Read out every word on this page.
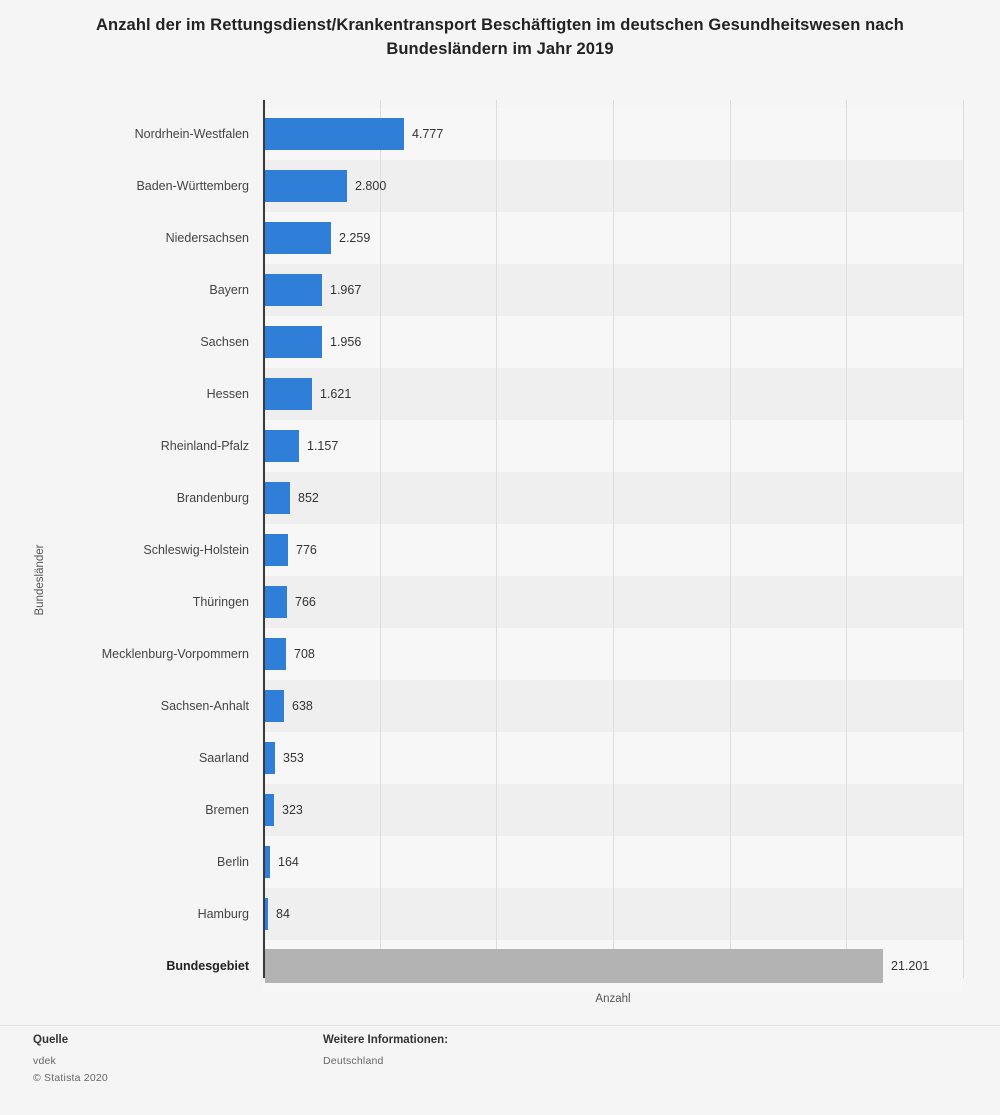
Anzahl der im Rettungsdienst/Krankentransport Beschäftigten im deutschen Gesundheitswesen nach Bundesländern im Jahr 2019
Bundesländer
Nordrhein-Westfalen	4.777
Baden-Württemberg	2.800
Niedersachsen	2.259
Bayern	1.967
Sachsen	1.956
Hessen	1.621
Rheinland-Pfalz	1.157
Brandenburg	852
Schleswig-Holstein	776
Thüringen	766
Mecklenburg-Vorpommern	708
Sachsen-Anhalt	638
Saarland	353
Bremen	323
Berlin 164
Hamburg 84
Bundesgebiet	21.201
Anzahl
Quelle
vdek
© Statista 2020
Weitere Informationen:
Deutschland
